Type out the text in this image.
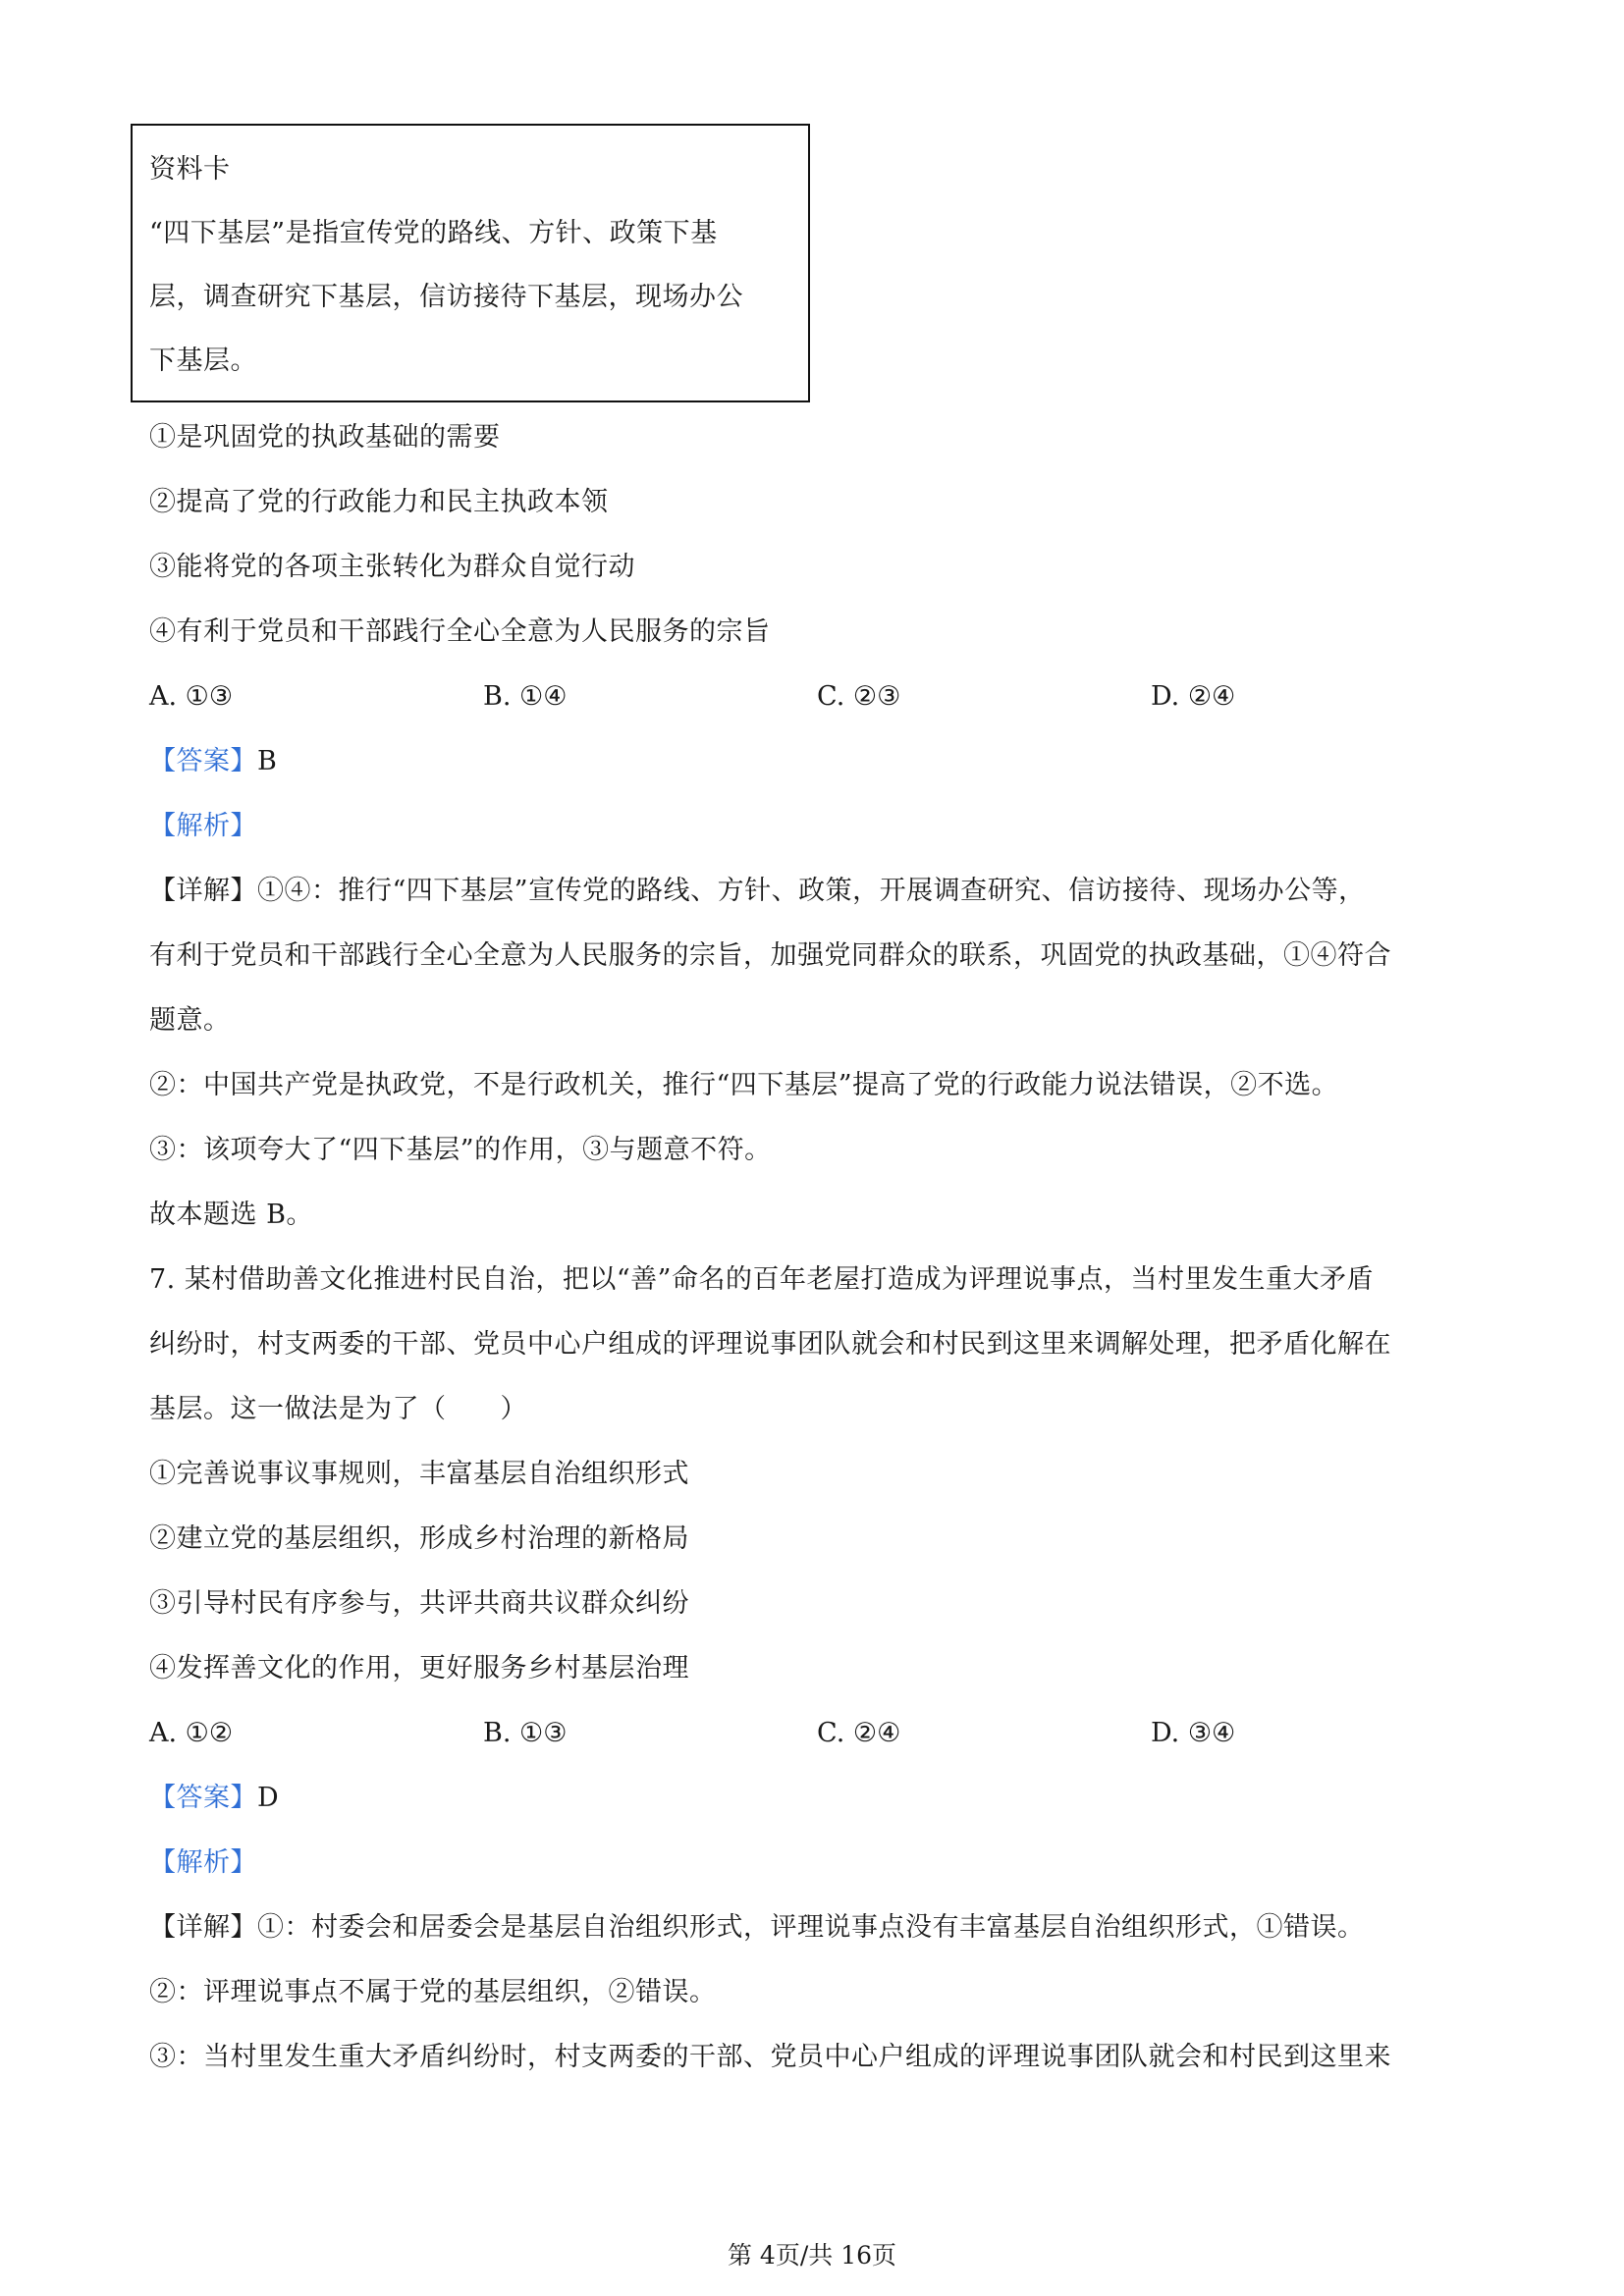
资料卡
“四下基层”是指宣传党的路线、方针、政策下基
层，调查研究下基层，信访接待下基层，现场办公
下基层。
①是巩固党的执政基础的需要
②提高了党的行政能力和民主执政本领
③能将党的各项主张转化为群众自觉行动
④有利于党员和干部践行全心全意为人民服务的宗旨
A. ①③	B. ①④	C. ②③	D. ②④
【答案】B
【解析】
【详解】①④：推行“四下基层”宣传党的路线、方针、政策，开展调查研究、信访接待、现场办公等，
有利于党员和干部践行全心全意为人民服务的宗旨，加强党同群众的联系，巩固党的执政基础，①④符合
题意。
②：中国共产党是执政党，不是行政机关，推行“四下基层”提高了党的行政能力说法错误，②不选。
③：该项夸大了“四下基层”的作用，③与题意不符。
故本题选 B。
7. 某村借助善文化推进村民自治，把以“善”命名的百年老屋打造成为评理说事点，当村里发生重大矛盾
纠纷时，村支两委的干部、党员中心户组成的评理说事团队就会和村民到这里来调解处理，把矛盾化解在
基层。这一做法是为了（　　）
①完善说事议事规则，丰富基层自治组织形式
②建立党的基层组织，形成乡村治理的新格局
③引导村民有序参与，共评共商共议群众纠纷
④发挥善文化的作用，更好服务乡村基层治理
A. ①②	B. ①③	C. ②④	D. ③④
【答案】D
【解析】
【详解】①：村委会和居委会是基层自治组织形式，评理说事点没有丰富基层自治组织形式，①错误。
②：评理说事点不属于党的基层组织，②错误。
③：当村里发生重大矛盾纠纷时，村支两委的干部、党员中心户组成的评理说事团队就会和村民到这里来
第 4页/共 16页
